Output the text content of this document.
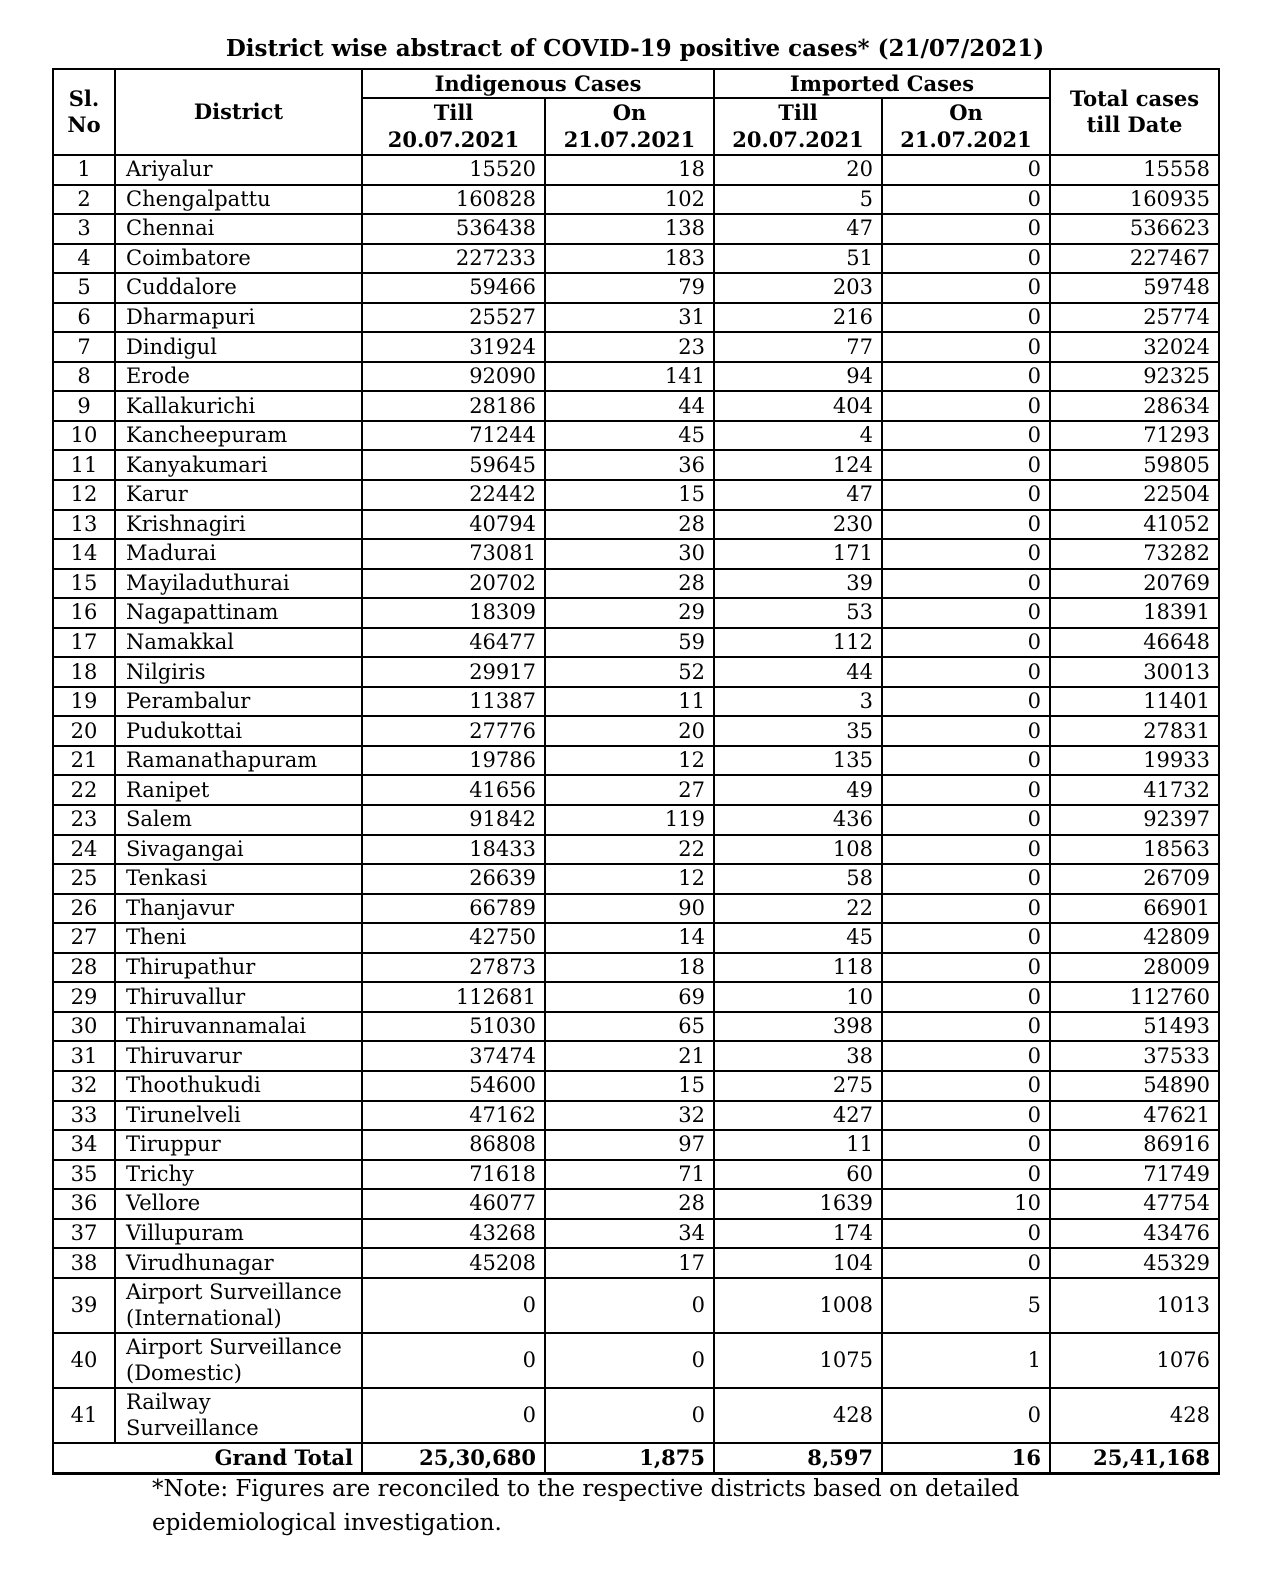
District wise abstract of COVID-19 positive cases* (21/07/2021)
Sl. No	District	Indigenous Cases		Imported Cases		Total cases till Date
		Till	On	Till	On	
		20.07.2021	21.07.2021	20.07.2021	21.07.2021	
1	Ariyalur	15520	18	20	0	15558
2	Chengalpattu	160828	102	5	0	160935
3	Chennai	536438	138	47	0	536623
4	Coimbatore	227233	183	51	0	227467
5	Cuddalore	59466	79	203	0	59748
6	Dharmapuri	25527	31	216	0	25774
7	Dindigul	31924	23	77	0	32024
8	Erode	92090	141	94	0	92325
9	Kallakurichi	28186	44	404	0	28634
10	Kancheepuram	71244	45	4	0	71293
11	Kanyakumari	59645	36	124	0	59805
12	Karur	22442	15	47	0	22504
13	Krishnagiri	40794	28	230	0	41052
14	Madurai	73081	30	171	0	73282
15	Mayiladuthurai	20702	28	39	0	20769
16	Nagapattinam	18309	29	53	0	18391
17	Namakkal	46477	59	112	0	46648
18	Nilgiris	29917	52	44	0	30013
19	Perambalur	11387	11	3	0	11401
20	Pudukottai	27776	20	35	0	27831
21	Ramanathapuram	19786	12	135	0	19933
22	Ranipet	41656	27	49	0	41732
23	Salem	91842	119	436	0	92397
24	Sivagangai	18433	22	108	0	18563
25	Tenkasi	26639	12	58	0	26709
26	Thanjavur	66789	90	22	0	66901
27	Theni	42750	14	45	0	42809
28	Thirupathur	27873	18	118	0	28009
29	Thiruvallur	112681	69	10	0	112760
30	Thiruvannamalai	51030	65	398	0	51493
31	Thiruvarur	37474	21	38	0	37533
32	Thoothukudi	54600	15	275	0	54890
33	Tirunelveli	47162	32	427	0	47621
34	Tiruppur	86808	97	11	0	86916
35	Trichy	71618	71	60	0	71749
36	Vellore	46077	28	1639	10	47754
37	Villupuram	43268	34	174	0	43476
38	Virudhunagar	45208	17	104	0	45329
39	Airport Surveillance
(International)	0	0	1008	5	1013
40	Airport Surveillance
(Domestic)	0	0	1075	1	1076
41	Railway
Surveillance	0	0	428	0	428
Grand Total		25,30,680	1,875	8,597	16	25,41,168
*Note: Figures are reconciled to the respective districts based on detailed epidemiological investigation.
